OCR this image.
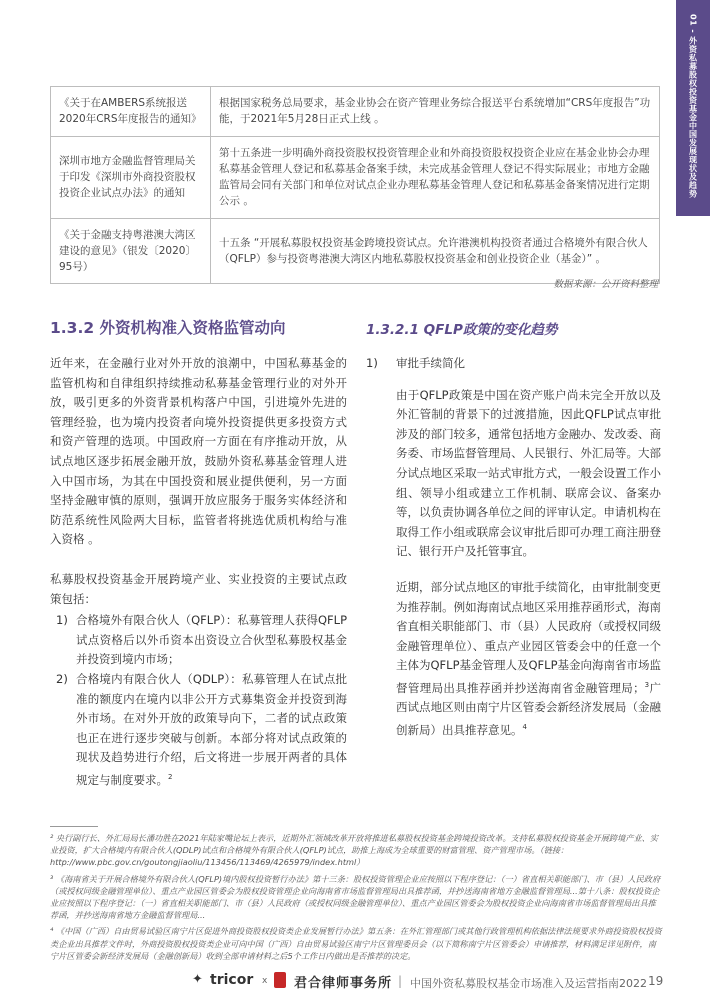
01 - 外资私募股权投资基金中国发展现状及趋势
《关于在AMBERS系统报送2020年CRS年度报告的通知》	根据国家税务总局要求，基金业协会在资产管理业务综合报送平台系统增加“CRS年度报告”功能，于2021年5月28日正式上线 。
深圳市地方金融监督管理局关于印发《深圳市外商投资股权投资企业试点办法》的通知	第十五条进一步明确外商投资股权投资管理企业和外商投资股权投资企业应在基金业协会办理私募基金管理人登记和私募基金备案手续，未完成基金管理人登记不得实际展业；市地方金融监管局会同有关部门和单位对试点企业办理私募基金管理人登记和私募基金备案情况进行定期公示 。
《关于金融支持粤港澳大湾区建设的意见》（银发〔2020〕95号）	十五条 “开展私募股权投资基金跨境投资试点。允许港澳机构投资者通过合格境外有限合伙人（QFLP）参与投资粤港澳大湾区内地私募股权投资基金和创业投资企业（基金）” 。
数据来源：公开资料整理
1.3.2 外资机构准入资格监管动向	1.3.2.1 QFLP政策的变化趋势

近年来，在金融行业对外开放的浪潮中，中国私募基金的监管机构和自律组织持续推动私募基金管理行业的对外开放，吸引更多的外资背景机构落户中国，引进境外先进的管理经验，也为境内投资者向境外投资提供更多投资方式和资产管理的选项。中国政府一方面在有序推动开放，从试点地区逐步拓展金融开放，鼓励外资私募基金管理人进入中国市场，为其在中国投资和展业提供便利，另一方面坚持金融审慎的原则，强调开放应服务于服务实体经济和防范系统性风险两大目标，监管者将挑选优质机构给与准入资格 。

私募股权投资基金开展跨境产业、实业投资的主要试点政策包括：

1) 合格境外有限合伙人（QFLP）：私募管理人获得QFLP试点资格后以外币资本出资设立合伙型私募股权基金并投资到境内市场；
2) 合格境内有限合伙人（QDLP）：私募管理人在试点批准的额度内在境内以非公开方式募集资金并投资到海外市场。在对外开放的政策导向下，二者的试点政策也正在进行逐步突破与创新。本部分将对试点政策的现状及趋势进行介绍，后文将进一步展开两者的具体规定与制度要求。$^2$
1)	审批手续简化

由于QFLP政策是中国在资产账户尚未完全开放以及外汇管制的背景下的过渡措施，因此QFLP试点审批涉及的部门较多，通常包括地方金融办、发改委、商务委、市场监督管理局、人民银行、外汇局等。大部分试点地区采取一站式审批方式，一般会设置工作小组、领导小组或建立工作机制、联席会议、备案办等，以负责协调各单位之间的评审认定。申请机构在取得工作小组或联席会议审批后即可办理工商注册登记、银行开户及托管事宜。

近期，部分试点地区的审批手续简化，由审批制变更为推荐制。例如海南试点地区采用推荐函形式，海南省直相关职能部门、市（县）人民政府（或授权同级金融管理单位）、重点产业园区管委会中的任意一个主体为QFLP基金管理人及QFLP基金向海南省市场监督管理局出具推荐函并抄送海南省金融管理局；$^3$广西试点地区则由南宁片区管委会新经济发展局（金融创新局）出具推荐意见。$^4$

² 央行副行长、外汇局局长潘功胜在2021年陆家嘴论坛上表示，近期外汇领域改革开放将推进私募股权投资基金跨境投资改革。支持私募股权投资基金开展跨境产业、实业投资，扩大合格境内有限合伙人(QDLP)试点和合格境外有限合伙人(QFLP)试点，助推上海成为全球重要的财富管理、资产管理市场。（链接：http://www.pbc.gov.cn/goutongjiaoliu/113456/113469/4265979/index.html）
³ 《海南省关于开展合格境外有限合伙人(QFLP)境内股权投资暂行办法》第十三条：股权投资管理企业应按照以下程序登记：（一）省直相关职能部门、市（县）人民政府（或授权同级金融管理单位）、重点产业园区管委会为股权投资管理企业向海南省市场监督管理局出具推荐函，并抄送海南省地方金融监督管理局...第十八条：股权投资企业应按照以下程序登记：（一）省直相关职能部门、市（县）人民政府（或授权同级金融管理单位）、重点产业园区管委会为股权投资企业向海南省市场监督管理局出具推荐函，并抄送海南省地方金融监督管理局...
⁴ 《中国（广西）自由贸易试验区南宁片区促进外商投资股权投资类企业发展暂行办法》第五条：在外汇管理部门或其他行政管理机构依据法律法规要求外商投资股权投资类企业出具推荐文件时，外商投资股权投资类企业可向中国（广西）自由贸易试验区南宁片区管理委员会（以下简称南宁片区管委会）申请推荐，材料满足详见附件，南宁片区管委会新经济发展局（金融创新局）收到全部申请材料之后5个工作日内做出是否推荐的决定。
✦ tricor x 君合律师事务所 | 中国外资私募股权基金市场准入及运营指南2022 19
